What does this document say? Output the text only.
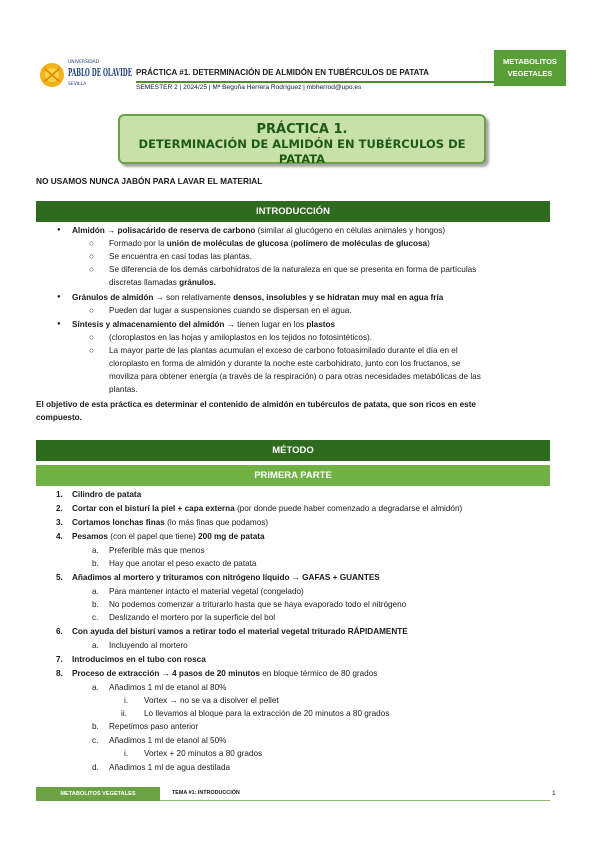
UNIVERSIDAD
PABLO DE OLAVIDE
SEVILLA
PRÁCTICA #1. DETERMINACIÓN DE ALMIDÓN EN TUBÉRCULOS DE PATATA
SEMESTER 2 | 2024/25 | Mª Begoña Herrera Rodríguez | mbherrod@upo.es
METABOLITOS
VEGETALES
PRÁCTICA 1.
DETERMINACIÓN DE ALMIDÓN EN TUBÉRCULOS DE PATATA
NO USAMOS NUNCA JABÓN PARA LAVAR EL MATERIAL
INTRODUCCIÓN
● Almidón → polisacárido de reserva de carbono (similar al glucógeno en células animales y hongos)
○ Formado por la unión de moléculas de glucosa (polímero de moléculas de glucosa)
○ Se encuentra en casi todas las plantas.
○ Se diferencia de los demás carbohidratos de la naturaleza en que se presenta en forma de partículas
discretas llamadas gránulos.
● Gránulos de almidón → son relativamente densos, insolubles y se hidratan muy mal en agua fría
○ Pueden dar lugar a suspensiones cuando se dispersan en el agua.
● Síntesis y almacenamiento del almidón → tienen lugar en los plastos
○ (cloroplastos en las hojas y amiloplastos en los tejidos no fotosintéticos).
○ La mayor parte de las plantas acumulan el exceso de carbono fotoasimilado durante el día en el
cloroplasto en forma de almidón y durante la noche este carbohidrato, junto con los fructanos, se
moviliza para obtener energía (a través de la respiración) o para otras necesidades metabólicas de las
plantas.
El objetivo de esta práctica es determinar el contenido de almidón en tubérculos de patata, que son ricos en este
compuesto.
MÉTODO
PRIMERA PARTE
1. Cilindro de patata
2. Cortar con el bisturí la piel + capa externa (por donde puede haber comenzado a degradarse el almidón)
3. Cortamos lonchas finas (lo más finas que podamos)
4. Pesamos (con el papel que tiene) 200 mg de patata
a. Preferible más que menos
b. Hay que anotar el peso exacto de patata
5. Añadimos al mortero y trituramos con nitrógeno líquido → GAFAS + GUANTES
a. Para mantener intacto el material vegetal (congelado)
b. No podemos comenzar a triturarlo hasta que se haya evaporado todo el nitrógeno
c. Deslizando el mortero por la superficie del bol
6. Con ayuda del bisturí vamos a retirar todo el material vegetal triturado RÁPIDAMENTE
a. Incluyendo al mortero
7. Introducimos en el tubo con rosca
8. Proceso de extracción → 4 pasos de 20 minutos en bloque térmico de 80 grados
a. Añadimos 1 ml de etanol al 80%
i. Vortex → no se va a disolver el pellet
ii. Lo llevamos al bloque para la extracción de 20 minutos a 80 grados
b. Repetimos paso anterior
c. Añadimos 1 ml de etanol al 50%
i. Vortex + 20 minutos a 80 grados
d. Añadimos 1 ml de agua destilada
METABOLITOS VEGETALES	TEMA #1: INTRODUCCIÓN	1
